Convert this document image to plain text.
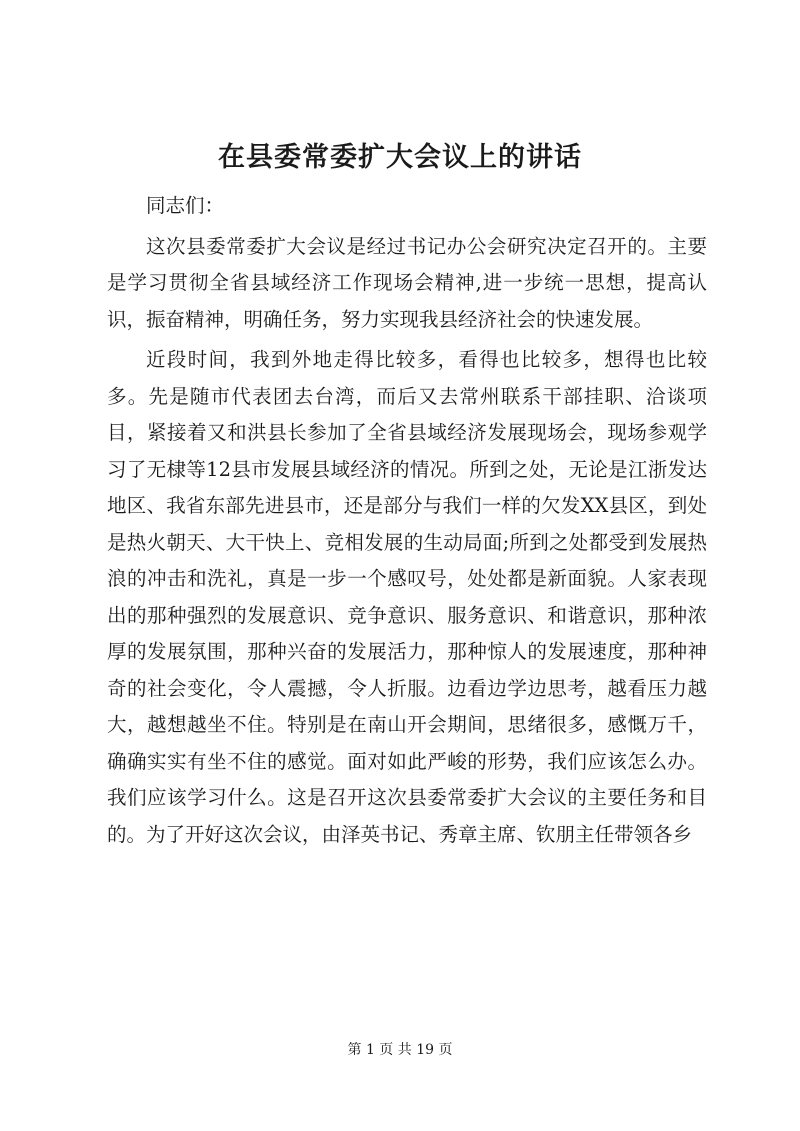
在县委常委扩大会议上的讲话

同志们：

这次县委常委扩大会议是经过书记办公会研究决定召开的。主要是学习贯彻全省县域经济工作现场会精神,进一步统一思想，提高认识，振奋精神，明确任务，努力实现我县经济社会的快速发展。

近段时间，我到外地走得比较多，看得也比较多，想得也比较多。先是随市代表团去台湾，而后又去常州联系干部挂职、洽谈项目，紧接着又和洪县长参加了全省县域经济发展现场会，现场参观学习了无棣等12县市发展县域经济的情况。所到之处，无论是江浙发达地区、我省东部先进县市，还是部分与我们一样的欠发XX县区，到处是热火朝天、大干快上、竞相发展的生动局面;所到之处都受到发展热浪的冲击和洗礼，真是一步一个感叹号，处处都是新面貌。人家表现出的那种强烈的发展意识、竞争意识、服务意识、和谐意识，那种浓厚的发展氛围，那种兴奋的发展活力，那种惊人的发展速度，那种神奇的社会变化，令人震撼，令人折服。边看边学边思考，越看压力越大，越想越坐不住。特别是在南山开会期间，思绪很多，感慨万千，确确实实有坐不住的感觉。面对如此严峻的形势，我们应该怎么办。我们应该学习什么。这是召开这次县委常委扩大会议的主要任务和目的。为了开好这次会议，由泽英书记、秀章主席、钦朋主任带领各乡

第 1 页 共 19 页
